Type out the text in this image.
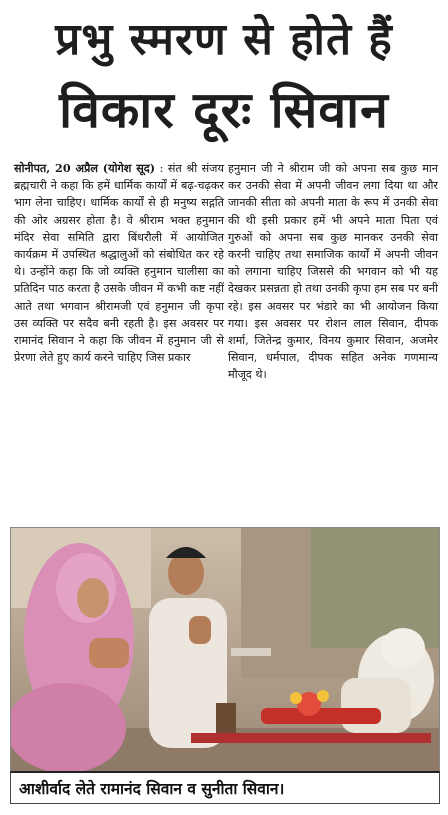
प्रभु स्मरण से होते हैं
विकार दूरः सिवान

सोनीपत, 20 अप्रैल (योगेश सूद) : संत श्री संजय ब्रह्मचारी ने कहा कि हमें धार्मिक कार्यों में बढ़-चढ़कर भाग लेना चाहिए। धार्मिक कार्यों से ही मनुष्य सद्गति की ओर अग्रसर होता है। वे श्रीराम भक्त हनुमान मंदिर सेवा समिति द्वारा बिंधरौली में आयोजित कार्यक्रम में उपस्थित श्रद्धालुओं को संबोधित कर रहे थे। उन्होंने कहा कि जो व्यक्ति हनुमान चालीसा का प्रतिदिन पाठ करता है उसके जीवन में कभी कष्ट नहीं आते तथा भगवान श्रीरामजी एवं हनुमान जी कृपा उस व्यक्ति पर सदैव बनी रहती है। इस अवसर पर रामानंद सिवान ने कहा कि जीवन में हनुमान जी से प्रेरणा लेते हुए कार्य करने चाहिए जिस प्रकार

हनुमान जी ने श्रीराम जी को अपना सब कुछ मान कर उनकी सेवा में अपनी जीवन लगा दिया था और जानकी सीता को अपनी माता के रूप में उनकी सेवा की थी इसी प्रकार हमें भी अपने माता पिता एवं गुरुओं को अपना सब कुछ मानकर उनकी सेवा करनी चाहिए तथा समाजिक कार्यों में अपनी जीवन को लगाना चाहिए जिससे की भगवान को भी यह देखकर प्रसन्नता हो तथा उनकी कृपा हम सब पर बनी रहे। इस अवसर पर भंडारे का भी आयोजन किया गया। इस अवसर पर रोशन लाल सिवान, दीपक शर्मा, जितेन्द्र कुमार, विनय कुमार सिवान, अजमेर सिवान, धर्मपाल, दीपक सहित अनेक गणमान्य मौजूद थे।

आशीर्वाद लेते रामानंद सिवान व सुनीता सिवान।
